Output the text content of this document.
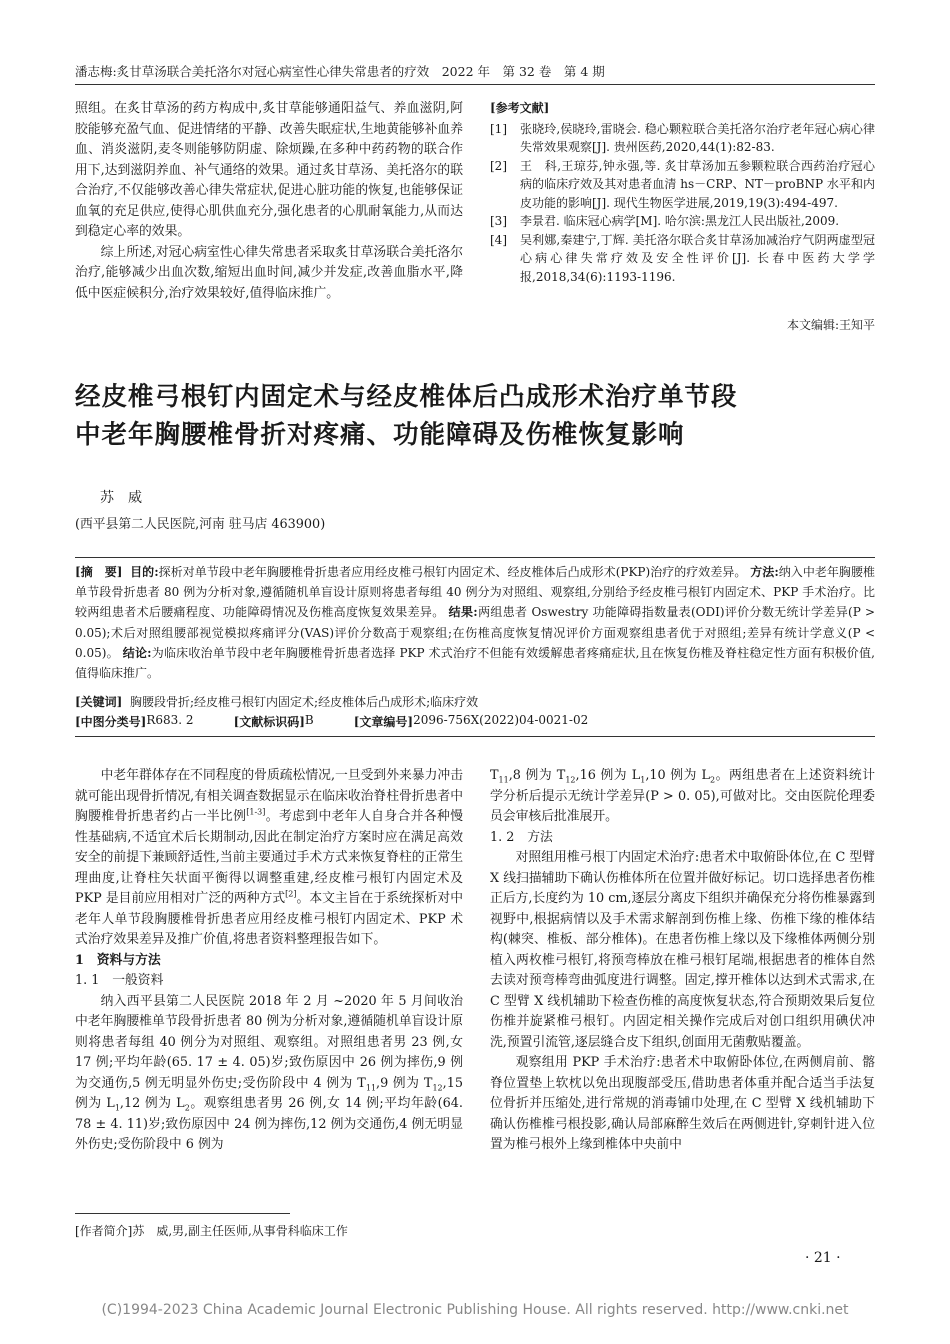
潘志梅:炙甘草汤联合美托洛尔对冠心病室性心律失常患者的疗效　2022 年　第 32 卷　第 4 期

照组。在炙甘草汤的药方构成中,炙甘草能够通阳益气、养血滋阴,阿胶能够充盈气血、促进情绪的平静、改善失眠症状,生地黄能够补血养血、消炎滋阴,麦冬则能够防阴虚、除烦躁,在多种中药药物的联合作用下,达到滋阴养血、补气通络的效果。通过炙甘草汤、美托洛尔的联合治疗,不仅能够改善心律失常症状,促进心脏功能的恢复,也能够保证血氧的充足供应,使得心肌供血充分,强化患者的心肌耐氧能力,从而达到稳定心率的效果。

综上所述,对冠心病室性心律失常患者采取炙甘草汤联合美托洛尔治疗,能够减少出血次数,缩短出血时间,减少并发症,改善血脂水平,降低中医症候积分,治疗效果较好,值得临床推广。

[参考文献]
[1]	张晓玲,侯晓玲,雷晓会. 稳心颗粒联合美托洛尔治疗老年冠心病心律失常效果观察[J]. 贵州医药,2020,44(1):82-83.
[2]	王　科,王琼芬,钟永强,等. 炙甘草汤加五参颗粒联合西药治疗冠心病的临床疗效及其对患者血清 hs－CRP、NT－proBNP 水平和内皮功能的影响[J]. 现代生物医学进展,2019,19(3):494-497.
[3]	李景君. 临床冠心病学[M]. 哈尔滨:黑龙江人民出版社,2009.
[4]	吴利娜,秦建宁,丁辉. 美托洛尔联合炙甘草汤加减治疗气阴两虚型冠心病心律失常疗效及安全性评价[J]. 长春中医药大学学报,2018,34(6):1193-1196.
本文编辑:王知平
经皮椎弓根钉内固定术与经皮椎体后凸成形术治疗单节段
中老年胸腰椎骨折对疼痛、功能障碍及伤椎恢复影响
苏威
(西平县第二人民医院,河南 驻马店 463900)
[摘　要] 目的:探析对单节段中老年胸腰椎骨折患者应用经皮椎弓根钉内固定术、经皮椎体后凸成形术(PKP)治疗的疗效差异。 方法:纳入中老年胸腰椎单节段骨折患者 80 例为分析对象,遵循随机单盲设计原则将患者每组 40 例分为对照组、观察组,分别给予经皮椎弓根钉内固定术、PKP 手术治疗。比较两组患者术后腰痛程度、功能障碍情况及伤椎高度恢复效果差异。 结果:两组患者 Oswestry 功能障碍指数量表(ODI)评价分数无统计学差异(P > 0.05);术后对照组腰部视觉模拟疼痛评分(VAS)评价分数高于观察组;在伤椎高度恢复情况评价方面观察组患者优于对照组;差异有统计学意义(P < 0.05)。 结论:为临床收治单节段中老年胸腰椎骨折患者选择 PKP 术式治疗不但能有效缓解患者疼痛症状,且在恢复伤椎及脊柱稳定性方面有积极价值,值得临床推广。
[关键词] 胸腰段骨折;经皮椎弓根钉内固定术;经皮椎体后凸成形术;临床疗效
[中图分类号] R683. 2	[文献标识码] B	[文章编号] 2096-756X(2022)04-0021-02

中老年群体存在不同程度的骨质疏松情况,一旦受到外来暴力冲击就可能出现骨折情况,有相关调查数据显示在临床收治脊柱骨折患者中胸腰椎骨折患者约占一半比例[1-3]。考虑到中老年人自身合并各种慢性基础病,不适宜术后长期制动,因此在制定治疗方案时应在满足高效安全的前提下兼顾舒适性,当前主要通过手术方式来恢复脊柱的正常生理曲度,让脊柱矢状面平衡得以调整重建,经皮椎弓根钉内固定术及 PKP 是目前应用相对广泛的两种方式[2]。本文主旨在于系统探析对中老年人单节段胸腰椎骨折患者应用经皮椎弓根钉内固定术、PKP 术式治疗效果差异及推广价值,将患者资料整理报告如下。

1　资料与方法

1. 1　一般资料

纳入西平县第二人民医院 2018 年 2 月 ~2020 年 5 月间收治中老年胸腰椎单节段骨折患者 80 例为分析对象,遵循随机单盲设计原则将患者每组 40 例分为对照组、观察组。对照组患者男 23 例,女 17 例;平均年龄(65. 17 ± 4. 05)岁;致伤原因中 26 例为摔伤,9 例为交通伤,5 例无明显外伤史;受伤阶段中 4 例为 $T_{11},9$ 例为 $T_{12},15$ 例为 $L_1,12$ 例为 $L_2$。观察组患者男 26 例,女 14 例;平均年龄(64. 78 ± 4. 11)岁;致伤原因中 24 例为摔伤,12 例为交通伤,4 例无明显外伤史;受伤阶段中 6 例为

$T_{11},8$ 例为 $T_{12},16$ 例为 $L_1,10$ 例为 $L_2$。两组患者在上述资料统计学分析后提示无统计学差异(P > 0. 05),可做对比。交由医院伦理委员会审核后批准展开。

1. 2　方法

对照组用椎弓根丁内固定术治疗:患者术中取俯卧体位,在 C 型臂 X 线扫描辅助下确认伤椎体所在位置并做好标记。切口选择患者伤椎正后方,长度约为 10 cm,逐层分离皮下组织并确保充分将伤椎暴露到视野中,根据病情以及手术需求解剖到伤椎上缘、伤椎下缘的椎体结构(棘突、椎板、部分椎体)。在患者伤椎上缘以及下缘椎体两侧分别植入两枚椎弓根钉,将预弯棒放在椎弓根钉尾端,根据患者的椎体自然去读对预弯棒弯曲弧度进行调整。固定,撑开椎体以达到术式需求,在 C 型臂 X 线机辅助下检查伤椎的高度恢复状态,符合预期效果后复位伤椎并旋紧椎弓根钉。内固定相关操作完成后对创口组织用碘伏冲洗,预置引流管,逐层缝合皮下组织,创面用无菌敷贴覆盖。

观察组用 PKP 手术治疗:患者术中取俯卧体位,在两侧肩前、髂脊位置垫上软枕以免出现腹部受压,借助患者体重并配合适当手法复位骨折并压缩处,进行常规的消毒铺巾处理,在 C 型臂 X 线机辅助下确认伤椎椎弓根投影,确认局部麻醉生效后在两侧进针,穿刺针进入位置为椎弓根外上缘到椎体中央前中

[作者简介]苏　威,男,副主任医师,从事骨科临床工作
· 21 ·
(C)1994-2023 China Academic Journal Electronic Publishing House. All rights reserved. http://www.cnki.net
